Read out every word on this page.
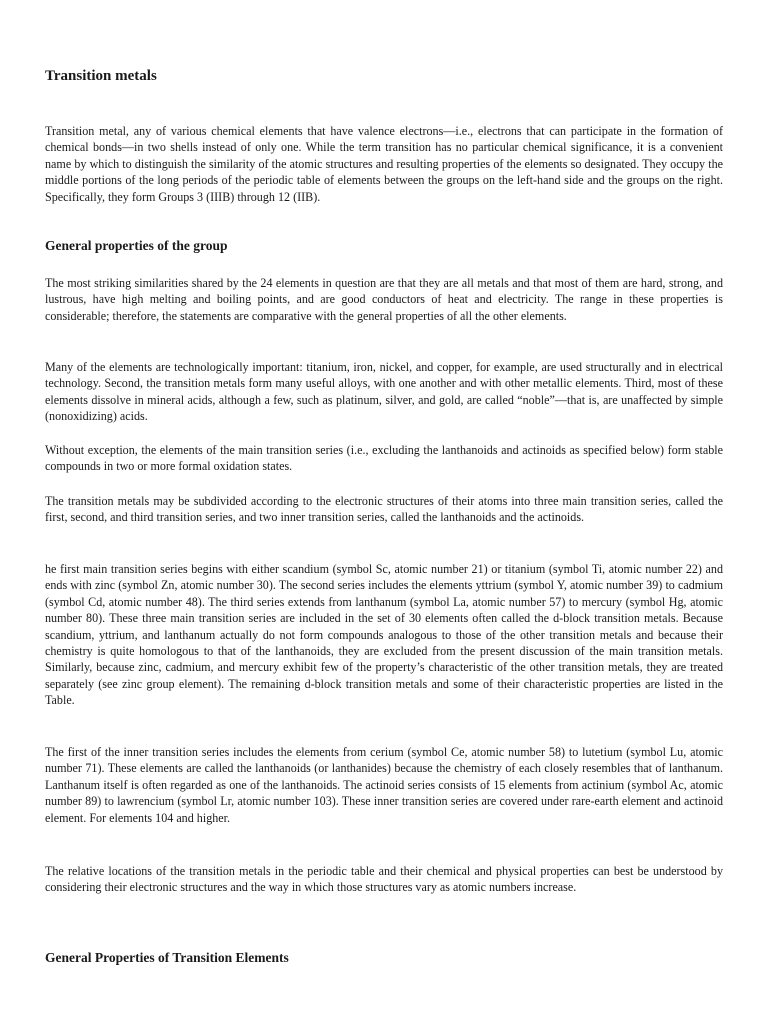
Transition metals

Transition metal, any of various chemical elements that have valence electrons—i.e., electrons that can participate in the formation of chemical bonds—in two shells instead of only one. While the term transition has no particular chemical significance, it is a convenient name by which to distinguish the similarity of the atomic structures and resulting properties of the elements so designated. They occupy the middle portions of the long periods of the periodic table of elements between the groups on the left-hand side and the groups on the right. Specifically, they form Groups 3 (IIIB) through 12 (IIB).

General properties of the group

The most striking similarities shared by the 24 elements in question are that they are all metals and that most of them are hard, strong, and lustrous, have high melting and boiling points, and are good conductors of heat and electricity. The range in these properties is considerable; therefore, the statements are comparative with the general properties of all the other elements.

Many of the elements are technologically important: titanium, iron, nickel, and copper, for example, are used structurally and in electrical technology. Second, the transition metals form many useful alloys, with one another and with other metallic elements. Third, most of these elements dissolve in mineral acids, although a few, such as platinum, silver, and gold, are called “noble”—that is, are unaffected by simple (nonoxidizing) acids.

Without exception, the elements of the main transition series (i.e., excluding the lanthanoids and actinoids as specified below) form stable compounds in two or more formal oxidation states.

The transition metals may be subdivided according to the electronic structures of their atoms into three main transition series, called the first, second, and third transition series, and two inner transition series, called the lanthanoids and the actinoids.

he first main transition series begins with either scandium (symbol Sc, atomic number 21) or titanium (symbol Ti, atomic number 22) and ends with zinc (symbol Zn, atomic number 30). The second series includes the elements yttrium (symbol Y, atomic number 39) to cadmium (symbol Cd, atomic number 48). The third series extends from lanthanum (symbol La, atomic number 57) to mercury (symbol Hg, atomic number 80). These three main transition series are included in the set of 30 elements often called the d-block transition metals. Because scandium, yttrium, and lanthanum actually do not form compounds analogous to those of the other transition metals and because their chemistry is quite homologous to that of the lanthanoids, they are excluded from the present discussion of the main transition metals. Similarly, because zinc, cadmium, and mercury exhibit few of the property’s characteristic of the other transition metals, they are treated separately (see zinc group element). The remaining d-block transition metals and some of their characteristic properties are listed in the Table.

The first of the inner transition series includes the elements from cerium (symbol Ce, atomic number 58) to lutetium (symbol Lu, atomic number 71). These elements are called the lanthanoids (or lanthanides) because the chemistry of each closely resembles that of lanthanum. Lanthanum itself is often regarded as one of the lanthanoids. The actinoid series consists of 15 elements from actinium (symbol Ac, atomic number 89) to lawrencium (symbol Lr, atomic number 103). These inner transition series are covered under rare-earth element and actinoid element. For elements 104 and higher.

The relative locations of the transition metals in the periodic table and their chemical and physical properties can best be understood by considering their electronic structures and the way in which those structures vary as atomic numbers increase.

General Properties of Transition Elements
